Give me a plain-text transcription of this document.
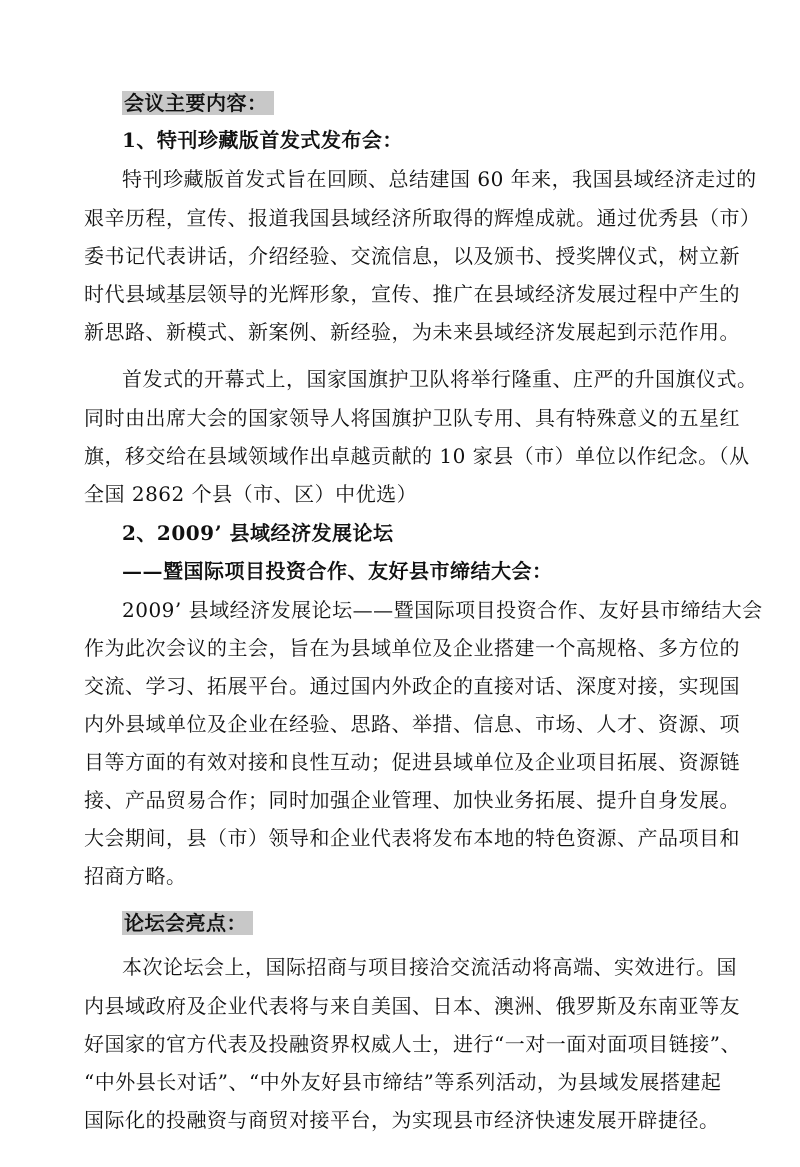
会议主要内容：
1、特刊珍藏版首发式发布会：
特刊珍藏版首发式旨在回顾、总结建国 60 年来，我国县域经济走过的
艰辛历程，宣传、报道我国县域经济所取得的辉煌成就。通过优秀县（市）
委书记代表讲话，介绍经验、交流信息，以及颁书、授奖牌仪式，树立新
时代县域基层领导的光辉形象，宣传、推广在县域经济发展过程中产生的
新思路、新模式、新案例、新经验，为未来县域经济发展起到示范作用。
首发式的开幕式上，国家国旗护卫队将举行隆重、庄严的升国旗仪式。
同时由出席大会的国家领导人将国旗护卫队专用、具有特殊意义的五星红
旗，移交给在县域领域作出卓越贡献的 10 家县（市）单位以作纪念。（从
全国 2862 个县（市、区）中优选）
2、2009’ 县域经济发展论坛
——暨国际项目投资合作、友好县市缔结大会：
2009’ 县域经济发展论坛——暨国际项目投资合作、友好县市缔结大会
作为此次会议的主会，旨在为县域单位及企业搭建一个高规格、多方位的
交流、学习、拓展平台。通过国内外政企的直接对话、深度对接，实现国
内外县域单位及企业在经验、思路、举措、信息、市场、人才、资源、项
目等方面的有效对接和良性互动；促进县域单位及企业项目拓展、资源链
接、产品贸易合作；同时加强企业管理、加快业务拓展、提升自身发展。
大会期间，县（市）领导和企业代表将发布本地的特色资源、产品项目和
招商方略。
论坛会亮点：
本次论坛会上，国际招商与项目接洽交流活动将高端、实效进行。国
内县域政府及企业代表将与来自美国、日本、澳洲、俄罗斯及东南亚等友
好国家的官方代表及投融资界权威人士，进行“一对一面对面项目链接”、
“中外县长对话”、“中外友好县市缔结”等系列活动，为县域发展搭建起
国际化的投融资与商贸对接平台，为实现县市经济快速发展开辟捷径。
